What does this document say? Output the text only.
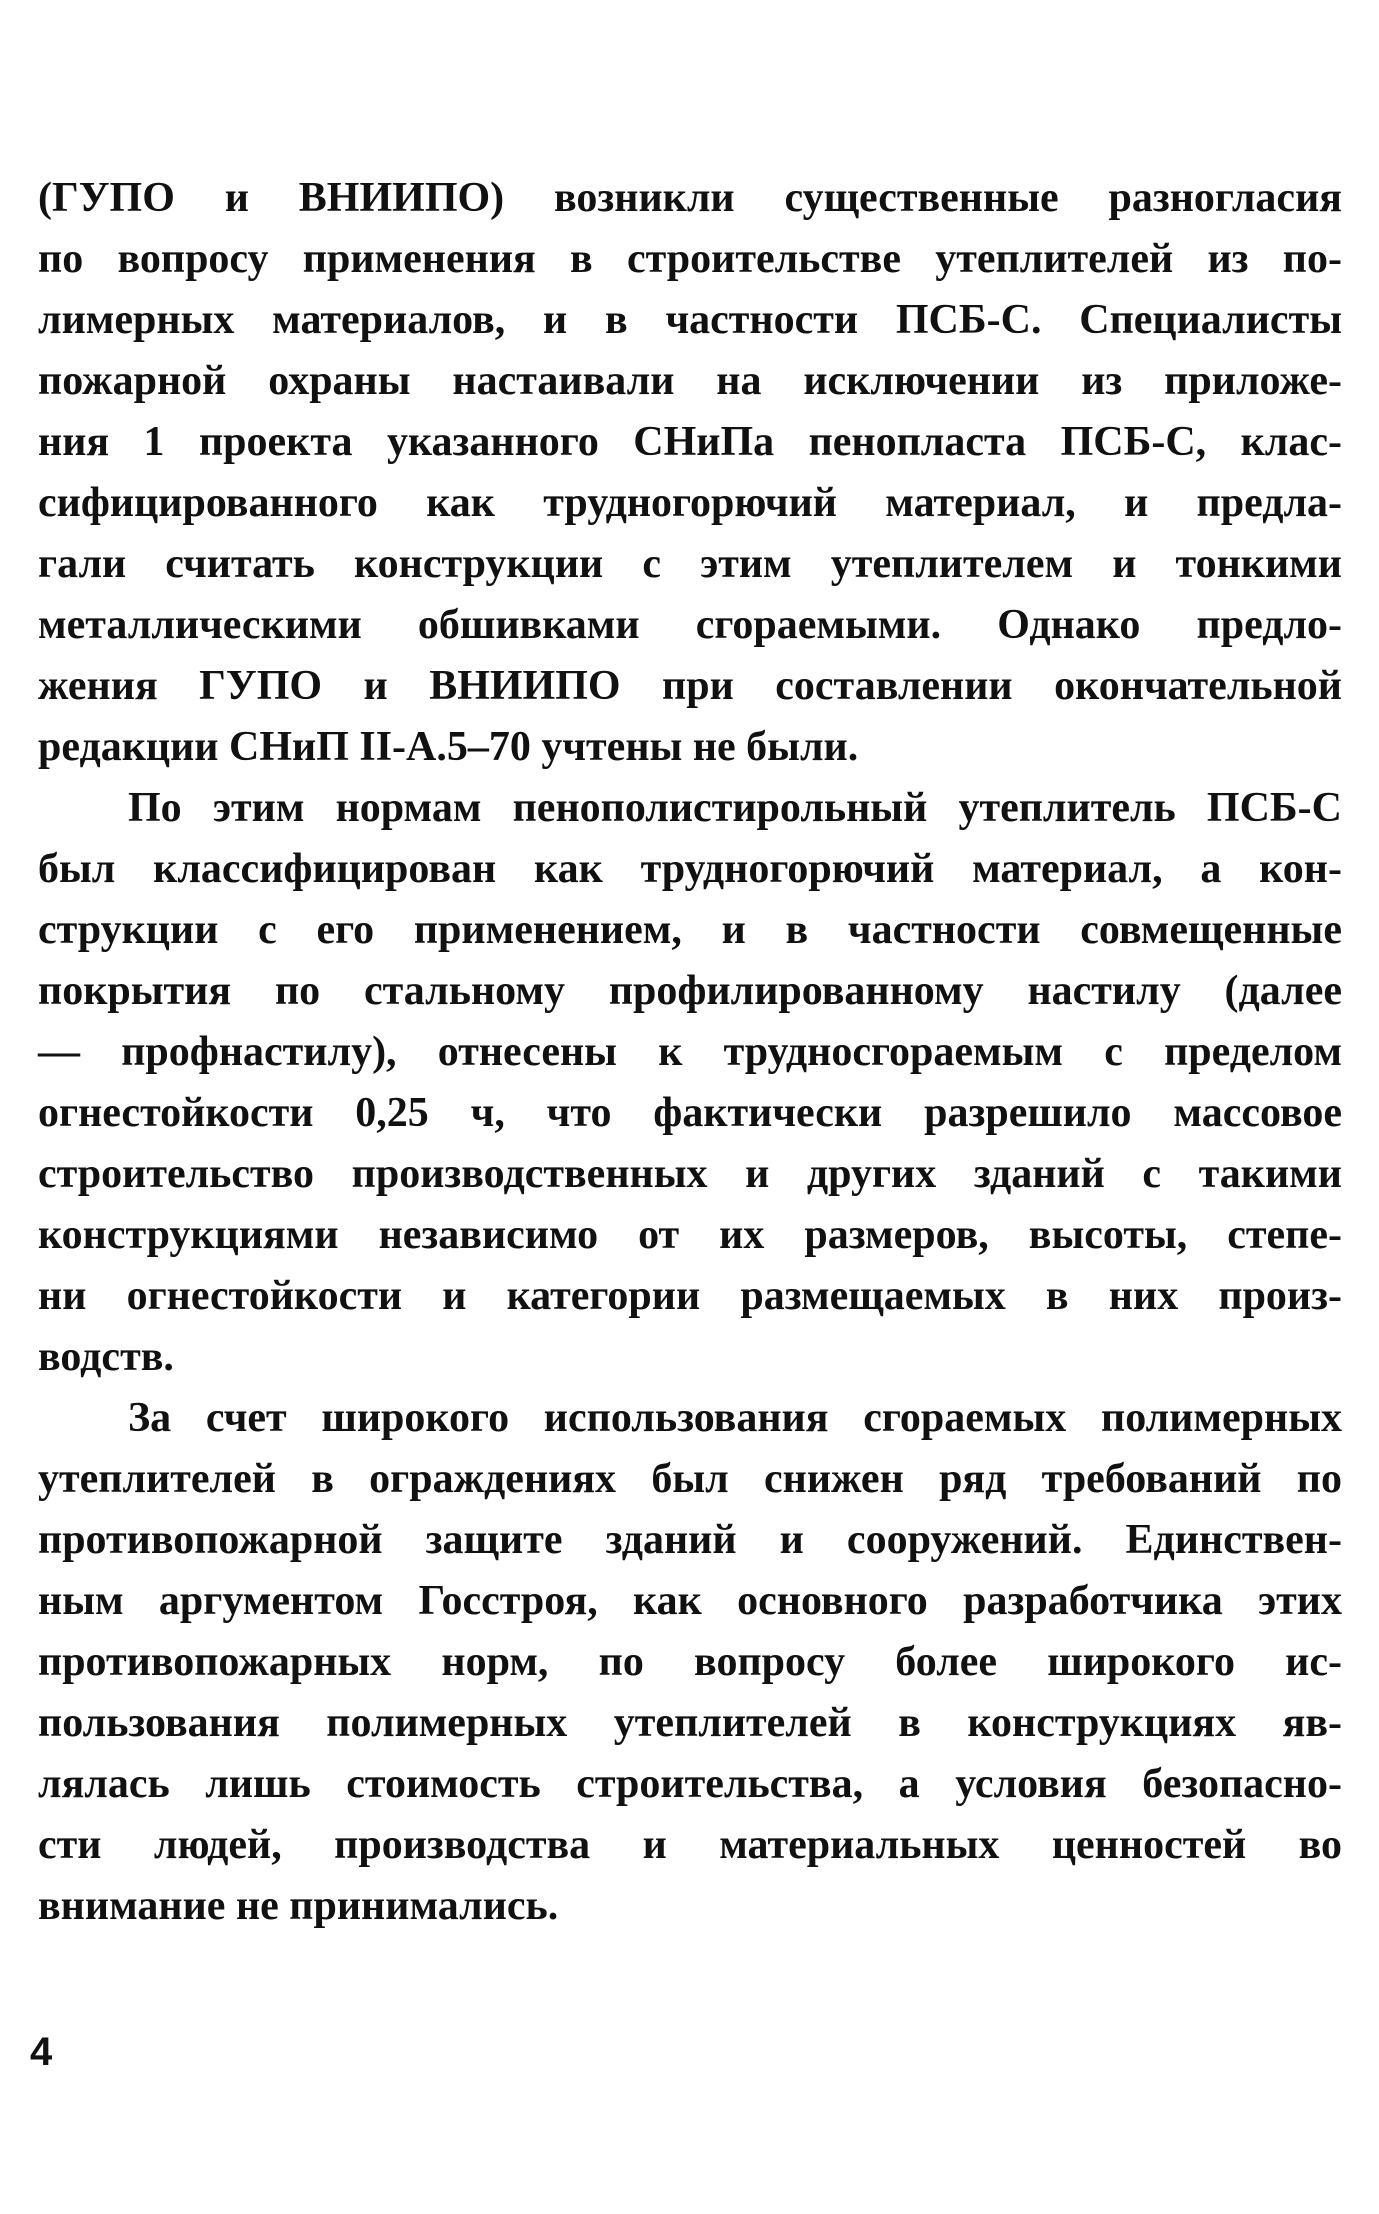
(ГУПО и ВНИИПО) возникли существенные разногласия
по вопросу применения в строительстве утеплителей из по-
лимерных материалов, и в частности ПСБ-С. Специалисты
пожарной охраны настаивали на исключении из приложе-
ния 1 проекта указанного СНиПа пенопласта ПСБ-С, клас-
сифицированного как трудногорючий материал, и предла-
гали считать конструкции с этим утеплителем и тонкими
металлическими обшивками сгораемыми. Однако предло-
жения ГУПО и ВНИИПО при составлении окончательной
редакции СНиП II-А.5–70 учтены не были.
По этим нормам пенополистирольный утеплитель ПСБ-С
был классифицирован как трудногорючий материал, а кон-
струкции с его применением, и в частности совмещенные
покрытия по стальному профилированному настилу (далее
— профнастилу), отнесены к трудносгораемым с пределом
огнестойкости 0,25 ч, что фактически разрешило массовое
строительство производственных и других зданий с такими
конструкциями независимо от их размеров, высоты, степе-
ни огнестойкости и категории размещаемых в них произ-
водств.
За счет широкого использования сгораемых полимерных
утеплителей в ограждениях был снижен ряд требований по
противопожарной защите зданий и сооружений. Единствен-
ным аргументом Госстроя, как основного разработчика этих
противопожарных норм, по вопросу более широкого ис-
пользования полимерных утеплителей в конструкциях яв-
лялась лишь стоимость строительства, а условия безопасно-
сти людей, производства и материальных ценностей во
внимание не принимались.
4
